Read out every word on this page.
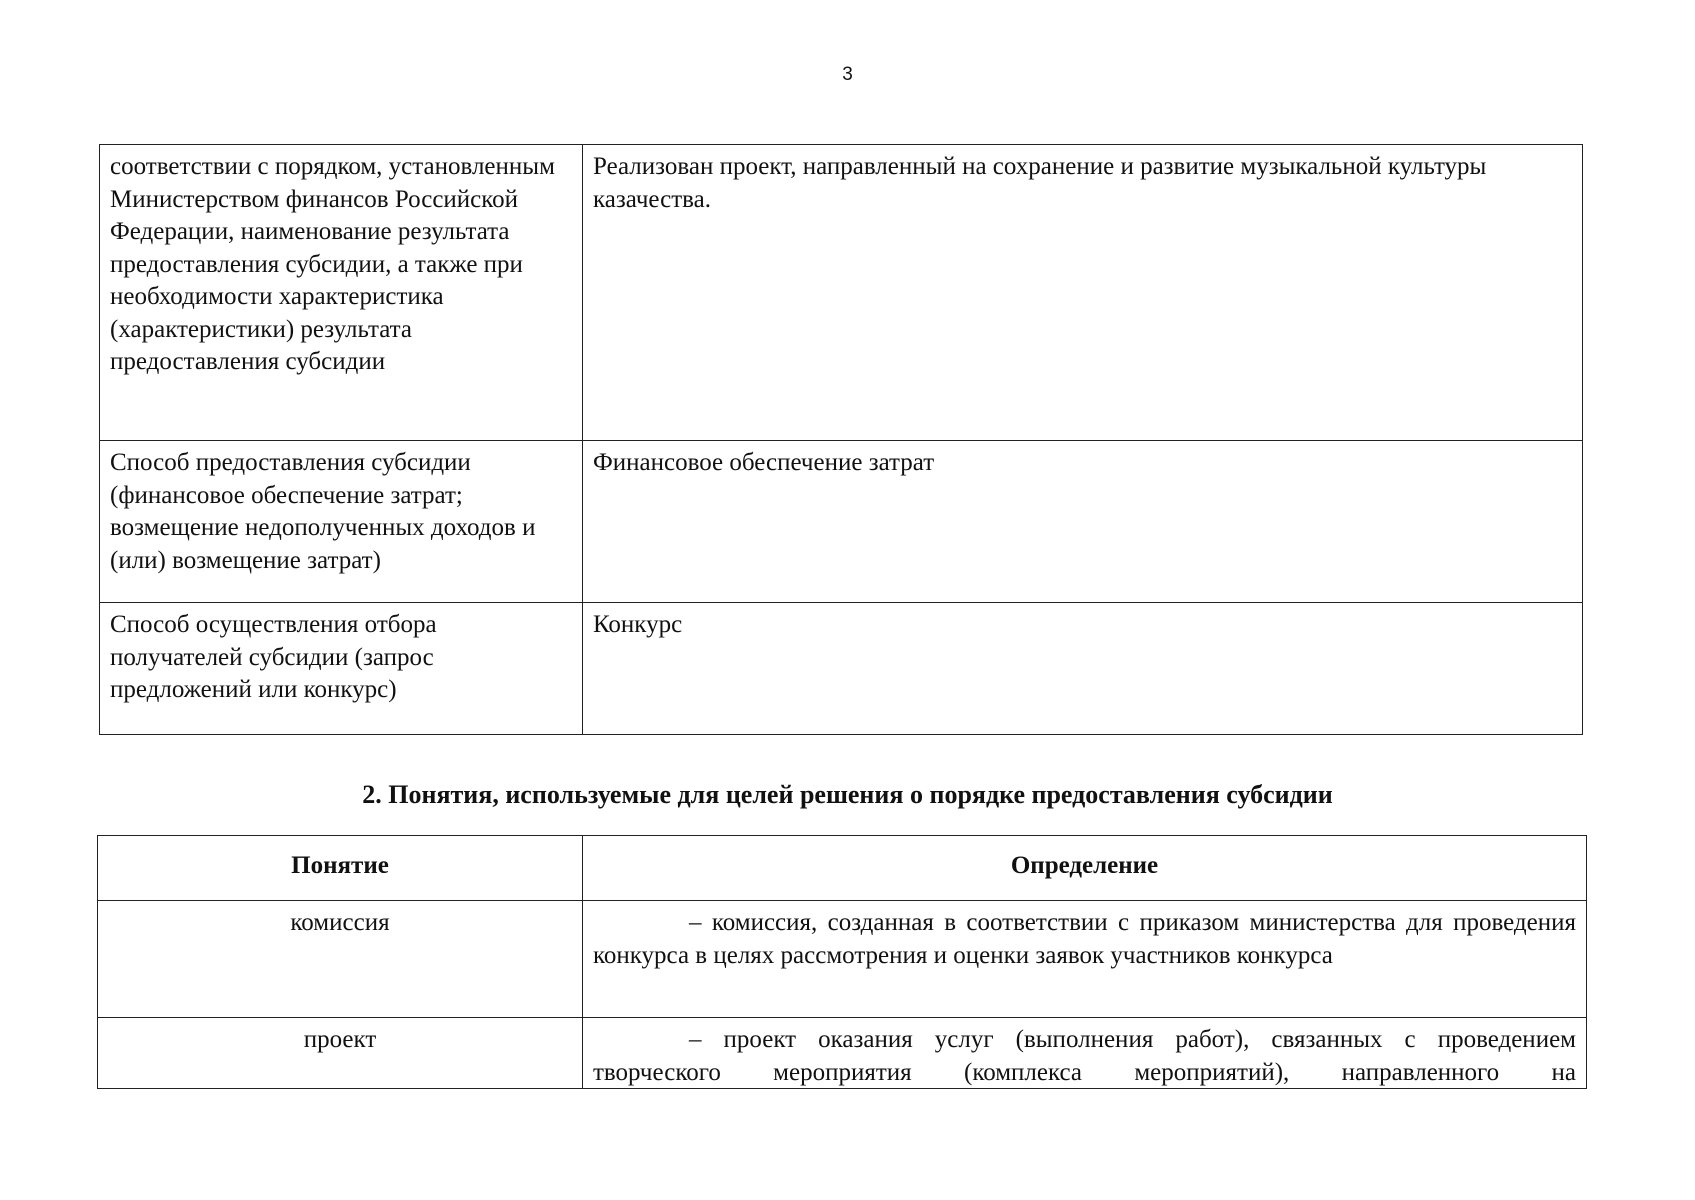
3
соответствии с порядком, установленным Министерством финансов Российской Федерации, наименование результата предоставления субсидии, а также при необходимости характеристика (характеристики) результата предоставления субсидии	Реализован проект, направленный на сохранение и развитие музыкальной культуры казачества.
Способ предоставления субсидии (финансовое обеспечение затрат; возмещение недополученных доходов и (или) возмещение затрат)	Финансовое обеспечение затрат
Способ осуществления отбора получателей субсидии (запрос предложений или конкурс)	Конкурс
2. Понятия, используемые для целей решения о порядке предоставления субсидии
Понятие	Определение
комиссия	– комиссия, созданная в соответствии с приказом министерства для проведения конкурса в целях рассмотрения и оценки заявок участников конкурса
проект	– проект оказания услуг (выполнения работ), связанных с проведением творческого мероприятия (комплекса мероприятий), направленного на
